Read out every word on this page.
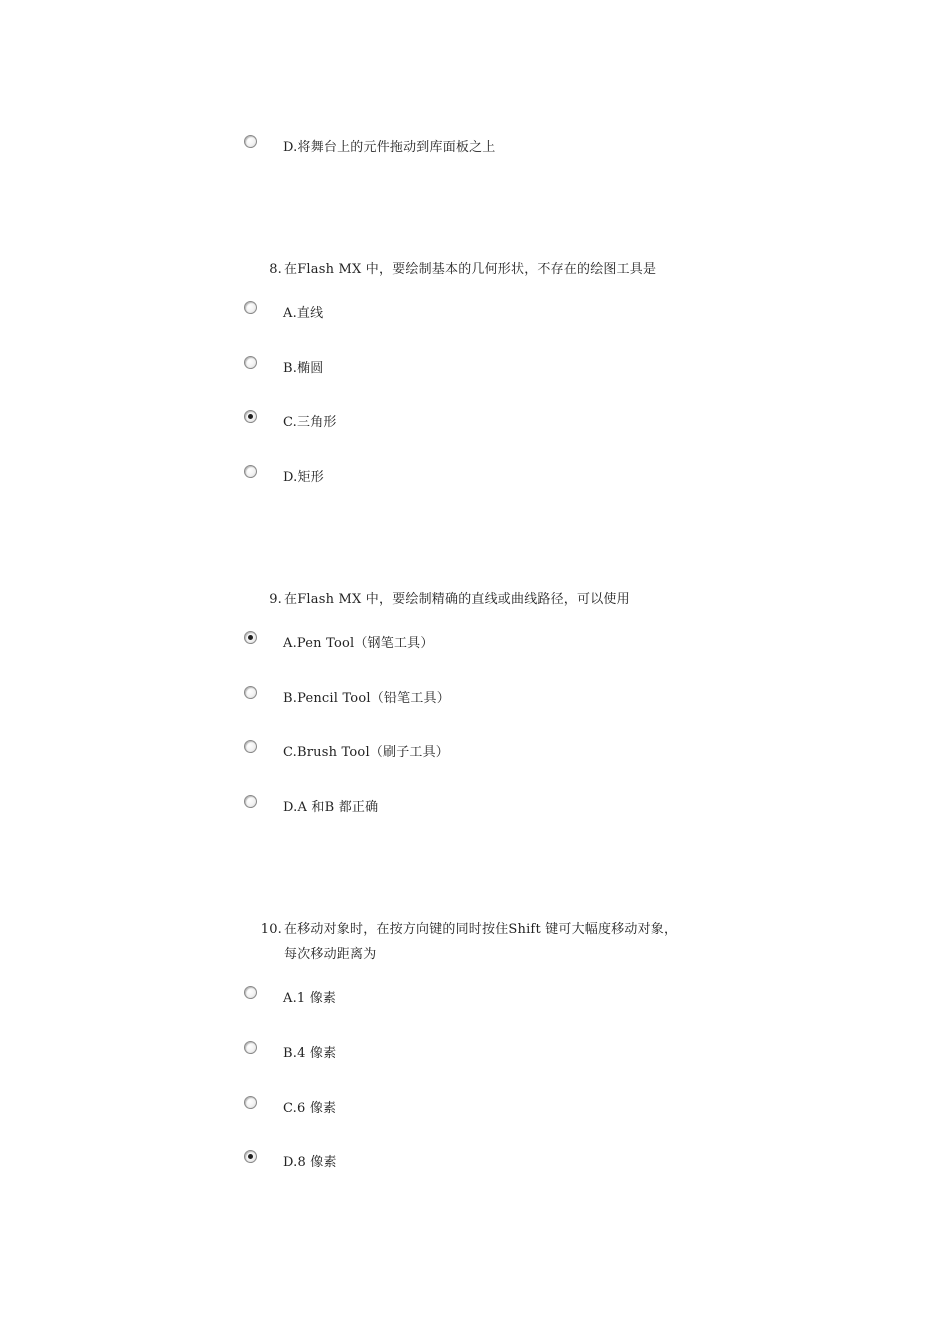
D.将舞台上的元件拖动到库面板之上
8. 在Flash MX 中，要绘制基本的几何形状，不存在的绘图工具是
A.直线
B.椭圆
C.三角形
D.矩形
9. 在Flash MX 中，要绘制精确的直线或曲线路径，可以使用
A.Pen Tool（钢笔工具）
B.Pencil Tool（铅笔工具）
C.Brush Tool（刷子工具）
D.A 和B 都正确
10. 在移动对象时，在按方向键的同时按住Shift 键可大幅度移动对象，
每次移动距离为
A.1 像素
B.4 像素
C.6 像素
D.8 像素
